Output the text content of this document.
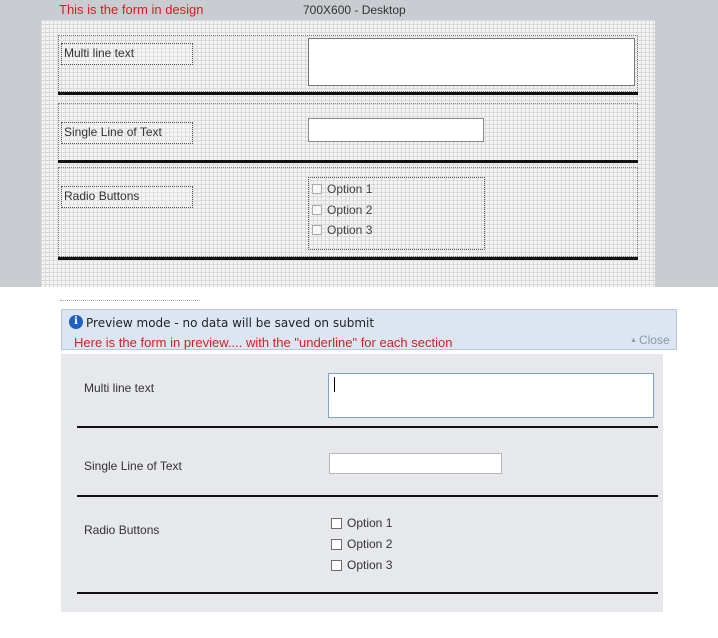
This is the form in design	700X600 - Desktop
Multi line text
Single Line of Text
Radio Buttons	Option 1
Option 2
Option 3
i Preview mode - no data will be saved on submit
Here is the form in preview.... with the "underline" for each section	▲ Close
Multi line text
Single Line of Text
Radio Buttons	Option 1
Option 2
Option 3
